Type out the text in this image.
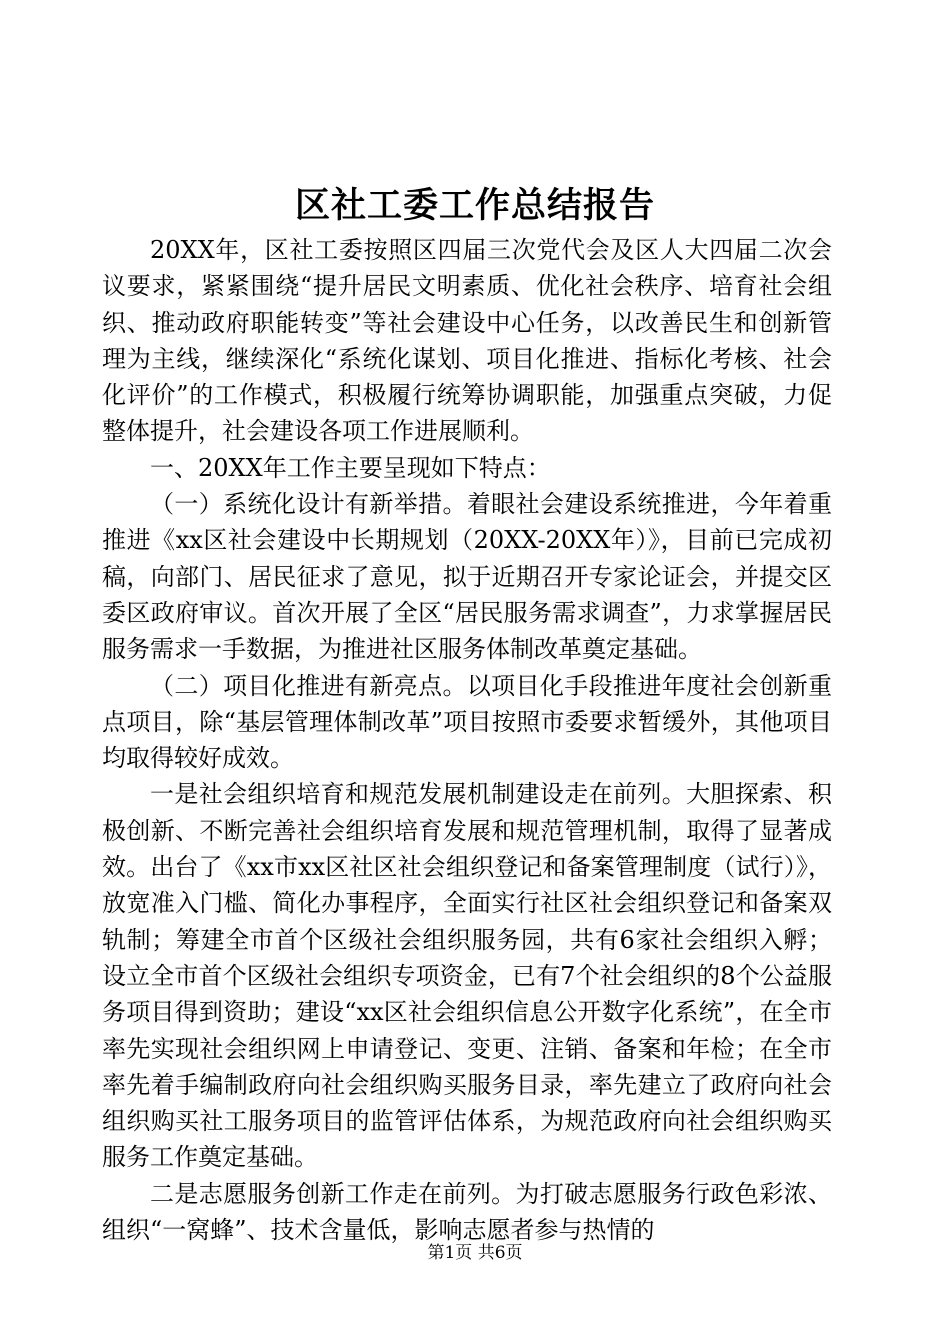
区社工委工作总结报告

20XX年，区社工委按照区四届三次党代会及区人大四届二次会议要求，紧紧围绕“提升居民文明素质、优化社会秩序、培育社会组织、推动政府职能转变”等社会建设中心任务，以改善民生和创新管理为主线，继续深化“系统化谋划、项目化推进、指标化考核、社会化评价”的工作模式，积极履行统筹协调职能，加强重点突破，力促整体提升，社会建设各项工作进展顺利。

一、20XX年工作主要呈现如下特点：

（一）系统化设计有新举措。着眼社会建设系统推进，今年着重推进《xx区社会建设中长期规划（20XX-20XX年）》，目前已完成初稿，向部门、居民征求了意见，拟于近期召开专家论证会，并提交区委区政府审议。首次开展了全区“居民服务需求调查”，力求掌握居民服务需求一手数据，为推进社区服务体制改革奠定基础。

（二）项目化推进有新亮点。以项目化手段推进年度社会创新重点项目，除“基层管理体制改革”项目按照市委要求暂缓外，其他项目均取得较好成效。

一是社会组织培育和规范发展机制建设走在前列。大胆探索、积极创新、不断完善社会组织培育发展和规范管理机制，取得了显著成效。出台了《xx市xx区社区社会组织登记和备案管理制度（试行）》，放宽准入门槛、简化办事程序，全面实行社区社会组织登记和备案双轨制；筹建全市首个区级社会组织服务园，共有6家社会组织入孵；设立全市首个区级社会组织专项资金，已有7个社会组织的8个公益服务项目得到资助；建设“xx区社会组织信息公开数字化系统”，在全市率先实现社会组织网上申请登记、变更、注销、备案和年检；在全市率先着手编制政府向社会组织购买服务目录，率先建立了政府向社会组织购买社工服务项目的监管评估体系，为规范政府向社会组织购买服务工作奠定基础。

二是志愿服务创新工作走在前列。为打破志愿服务行政色彩浓、组织“一窝蜂”、技术含量低，影响志愿者参与热情的

第1页 共6页
